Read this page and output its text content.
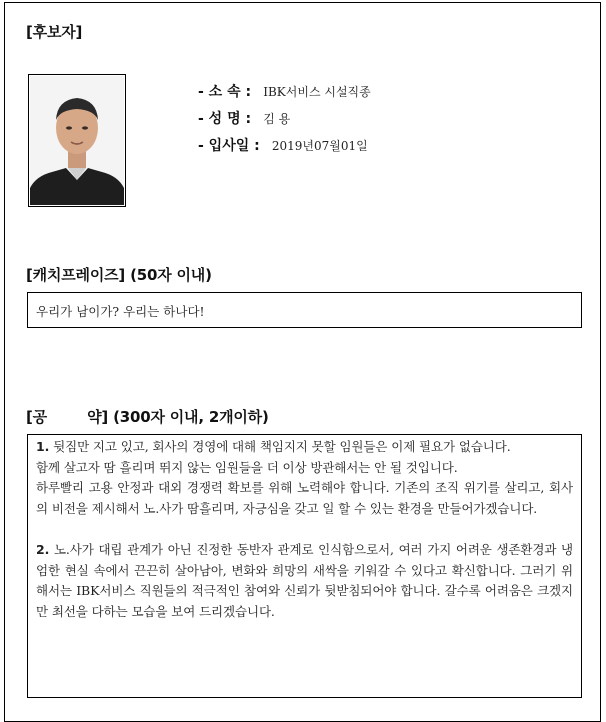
[후보자]
- 소 속 : IBK서비스 시설직종
- 성 명 : 김 용
- 입사일 : 2019년07월01일
[캐치프레이즈] (50자 이내)
우리가 남이가? 우리는 하나다!
[공        약] (300자 이내, 2개이하)

1. 뒷짐만 지고 있고, 회사의 경영에 대해 책임지지 못할 임원들은 이제 필요가 없습니다.

함께 살고자 땀 흘리며 뛰지 않는 임원들을 더 이상 방관해서는 안 될 것입니다.

하루빨리 고용 안정과 대외 경쟁력 확보를 위해 노력해야 합니다. 기존의 조직 위기를 살리고, 회사의 비전을 제시해서 노.사가 땀흘리며, 자긍심을 갖고 일 할 수 있는 환경을 만들어가겠습니다.

2. 노.사가 대립 관계가 아닌 진정한 동반자 관계로 인식함으로서, 여러 가지 어려운 생존환경과 냉엄한 현실 속에서 끈끈히 살아남아, 변화와 희망의 새싹을 키워갈 수 있다고 확신합니다. 그러기 위해서는 IBK서비스 직원들의 적극적인 참여와 신뢰가 뒷받침되어야 합니다. 갈수록 어려움은 크겠지만 최선을 다하는 모습을 보여 드리겠습니다.
